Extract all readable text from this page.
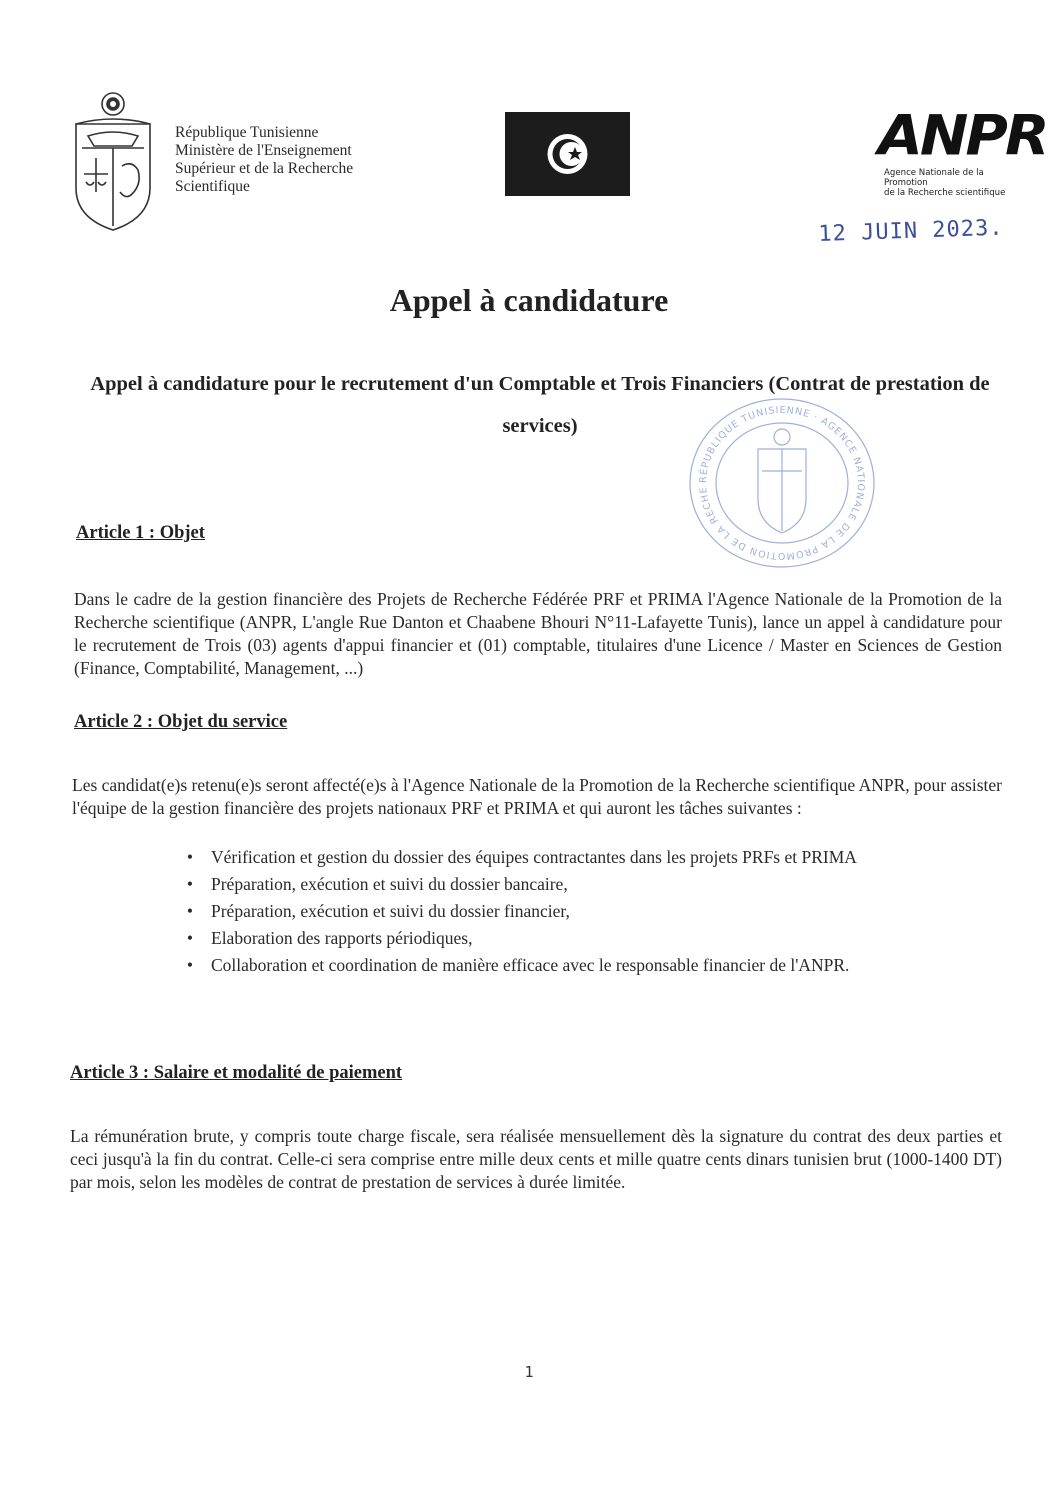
République Tunisienne
Ministère de l'Enseignement
Supérieur et de la Recherche
Scientifique
ANPR
Agence Nationale de la Promotion
de la Recherche scientifique
12 JUIN 2023.
Appel à candidature
Appel à candidature pour le recrutement d'un Comptable et Trois Financiers (Contrat de prestation de services)
RÉPUBLIQUE TUNISIENNE · AGENCE NATIONALE DE LA PROMOTION DE LA RECHE
Article 1 : Objet
Dans le cadre de la gestion financière des Projets de Recherche Fédérée PRF et PRIMA l'Agence Nationale de la Promotion de la Recherche scientifique (ANPR, L'angle Rue Danton et Chaabene Bhouri N°11-Lafayette Tunis), lance un appel à candidature pour le recrutement de Trois (03) agents d'appui financier et (01) comptable, titulaires d'une Licence / Master en Sciences de Gestion (Finance, Comptabilité, Management, ...)
Article 2 : Objet du service
Les candidat(e)s retenu(e)s seront affecté(e)s à l'Agence Nationale de la Promotion de la Recherche scientifique ANPR, pour assister l'équipe de la gestion financière des projets nationaux PRF et PRIMA et qui auront les tâches suivantes :
•	Vérification et gestion du dossier des équipes contractantes dans les projets PRFs et PRIMA
•	Préparation, exécution et suivi du dossier bancaire,
•	Préparation, exécution et suivi du dossier financier,
•	Elaboration des rapports périodiques,
•	Collaboration et coordination de manière efficace avec le responsable financier de l'ANPR.
Article 3 : Salaire et modalité de paiement
La rémunération brute, y compris toute charge fiscale, sera réalisée mensuellement dès la signature du contrat des deux parties et ceci jusqu'à la fin du contrat. Celle-ci sera comprise entre mille deux cents et mille quatre cents dinars tunisien brut (1000-1400 DT) par mois, selon les modèles de contrat de prestation de services à durée limitée.
1
